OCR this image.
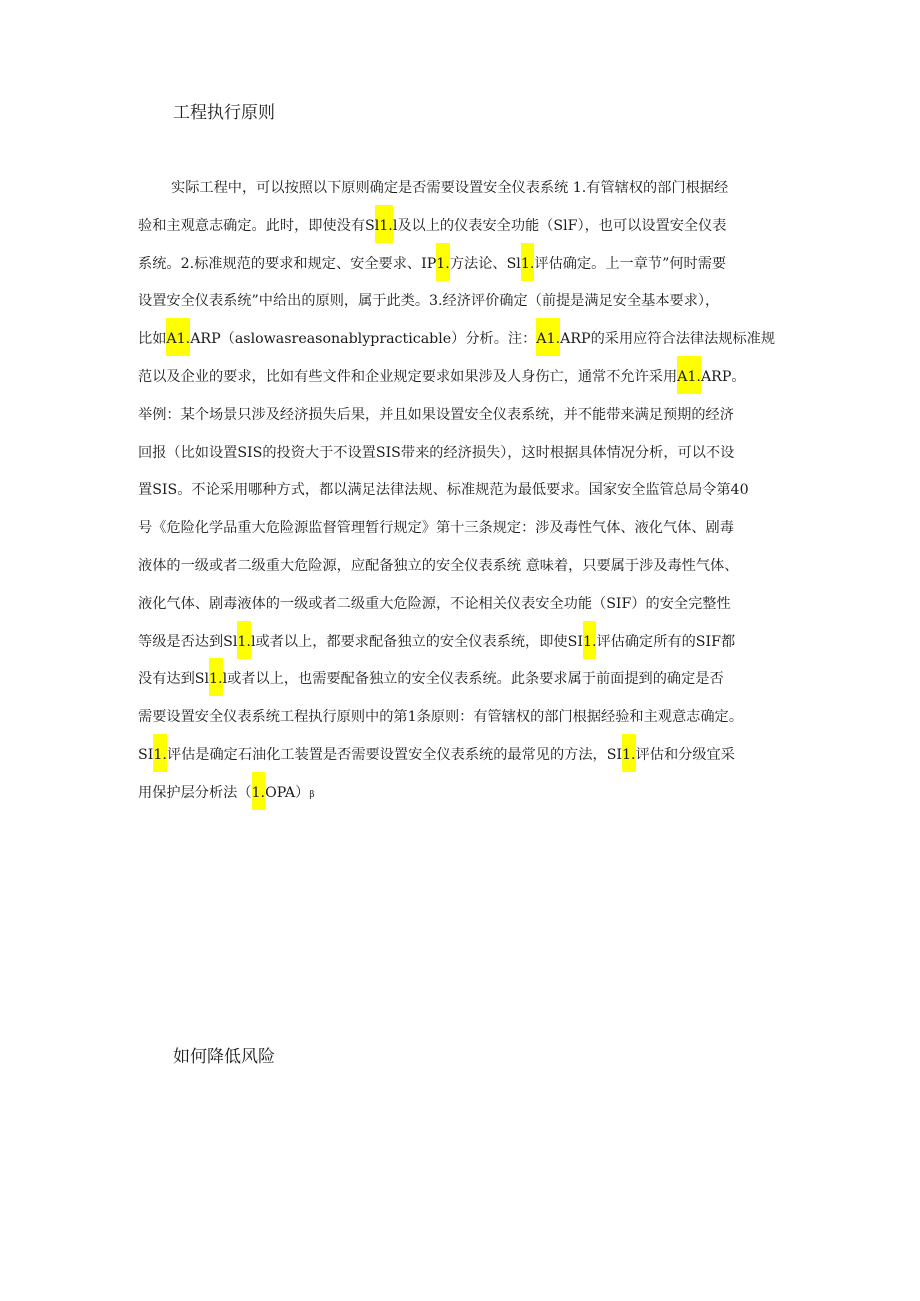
工程执行原则
实际工程中，可以按照以下原则确定是否需要设置安全仪表系统 1.有管辖权的部门根据经
验和主观意志确定。此时，即使没有Sl1.l及以上的仪表安全功能（SlF），也可以设置安全仪表
系统。2.标准规范的要求和规定、安全要求、IP1.方法论、Sl1.评估确定。上一章节”何时需要
设置安全仪表系统”中给出的原则，属于此类。3.经济评价确定（前提是满足安全基本要求），
比如A1.ARP（aslowasreasonablypracticable）分析。注：A1.ARP的采用应符合法律法规标准规
范以及企业的要求，比如有些文件和企业规定要求如果涉及人身伤亡，通常不允许采用A1.ARP。
举例：某个场景只涉及经济损失后果，并且如果设置安全仪表系统，并不能带来满足预期的经济
回报（比如设置SIS的投资大于不设置SIS带来的经济损失），这时根据具体情况分析，可以不设
置SIS。不论采用哪种方式，都以满足法律法规、标准规范为最低要求。国家安全监管总局令第40
号《危险化学品重大危险源监督管理暂行规定》第十三条规定：涉及毒性气体、液化气体、剧毒
液体的一级或者二级重大危险源，应配备独立的安全仪表系统 意味着，只要属于涉及毒性气体、
液化气体、剧毒液体的一级或者二级重大危险源，不论相关仪表安全功能（SIF）的安全完整性
等级是否达到Sl1.l或者以上，都要求配备独立的安全仪表系统，即使SI1.评估确定所有的SIF都
没有达到Sl1.l或者以上，也需要配备独立的安全仪表系统。此条要求属于前面提到的确定是否
需要设置安全仪表系统工程执行原则中的第1条原则：有管辖权的部门根据经验和主观意志确定。
SI1.评估是确定石油化工装置是否需要设置安全仪表系统的最常见的方法，SI1.评估和分级宜采
用保护层分析法（1.OPA）β
如何降低风险
